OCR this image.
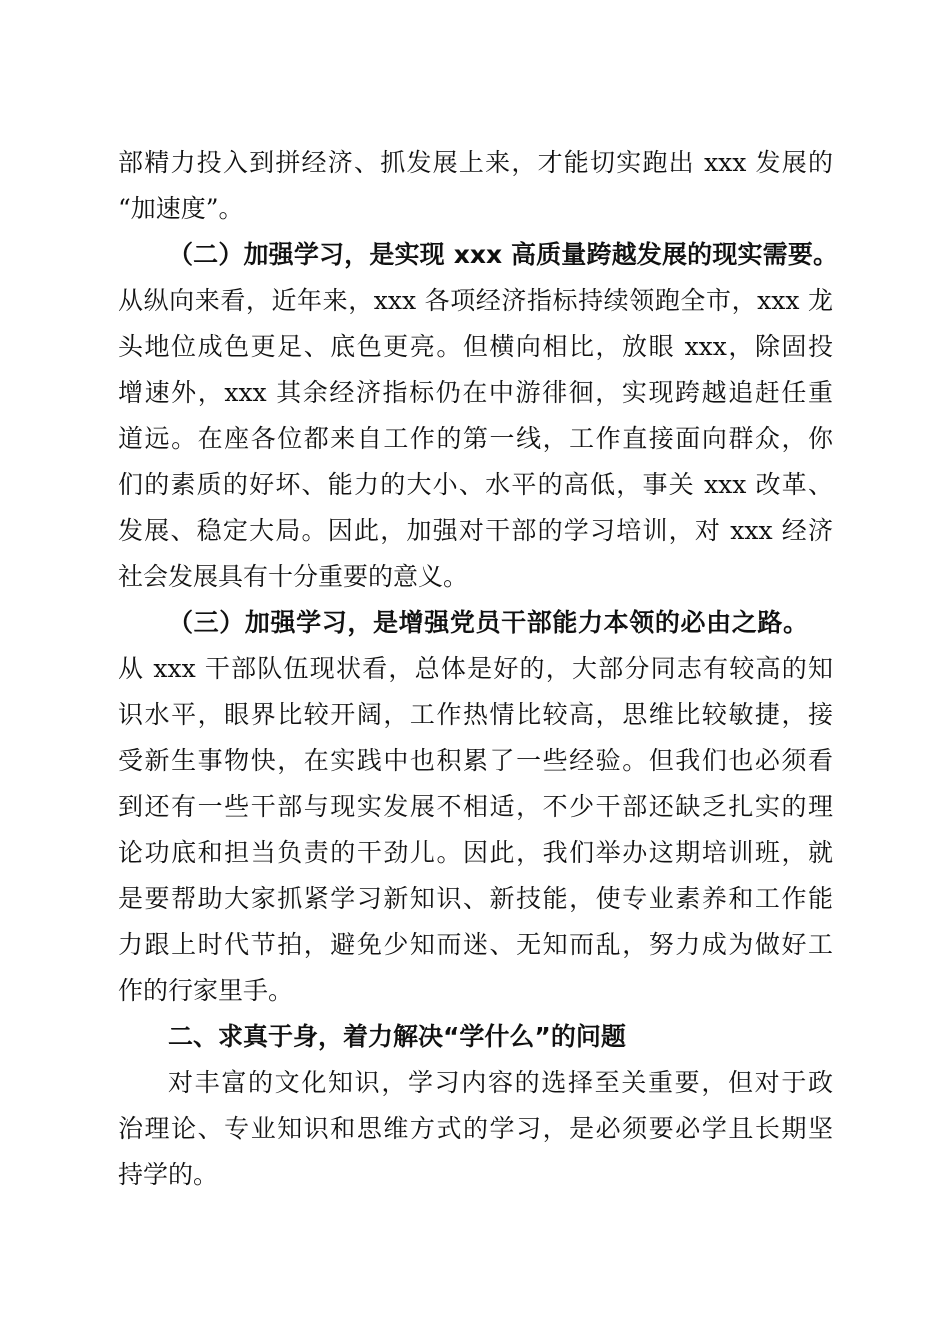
部精力投入到拼经济、抓发展上来，才能切实跑出 xxx 发展的
“加速度”。
（二）加强学习，是实现 xxx 高质量跨越发展的现实需要。
从纵向来看，近年来，xxx 各项经济指标持续领跑全市，xxx 龙
头地位成色更足、底色更亮。但横向相比，放眼 xxx，除固投
增速外，xxx 其余经济指标仍在中游徘徊，实现跨越追赶任重
道远。在座各位都来自工作的第一线，工作直接面向群众，你
们的素质的好坏、能力的大小、水平的高低，事关 xxx 改革、
发展、稳定大局。因此，加强对干部的学习培训，对 xxx 经济
社会发展具有十分重要的意义。
（三）加强学习，是增强党员干部能力本领的必由之路。
从 xxx 干部队伍现状看，总体是好的，大部分同志有较高的知
识水平，眼界比较开阔，工作热情比较高，思维比较敏捷，接
受新生事物快，在实践中也积累了一些经验。但我们也必须看
到还有一些干部与现实发展不相适，不少干部还缺乏扎实的理
论功底和担当负责的干劲儿。因此，我们举办这期培训班，就
是要帮助大家抓紧学习新知识、新技能，使专业素养和工作能
力跟上时代节拍，避免少知而迷、无知而乱，努力成为做好工
作的行家里手。
二、求真于身，着力解决“学什么”的问题
对丰富的文化知识，学习内容的选择至关重要，但对于政
治理论、专业知识和思维方式的学习，是必须要必学且长期坚
持学的。
